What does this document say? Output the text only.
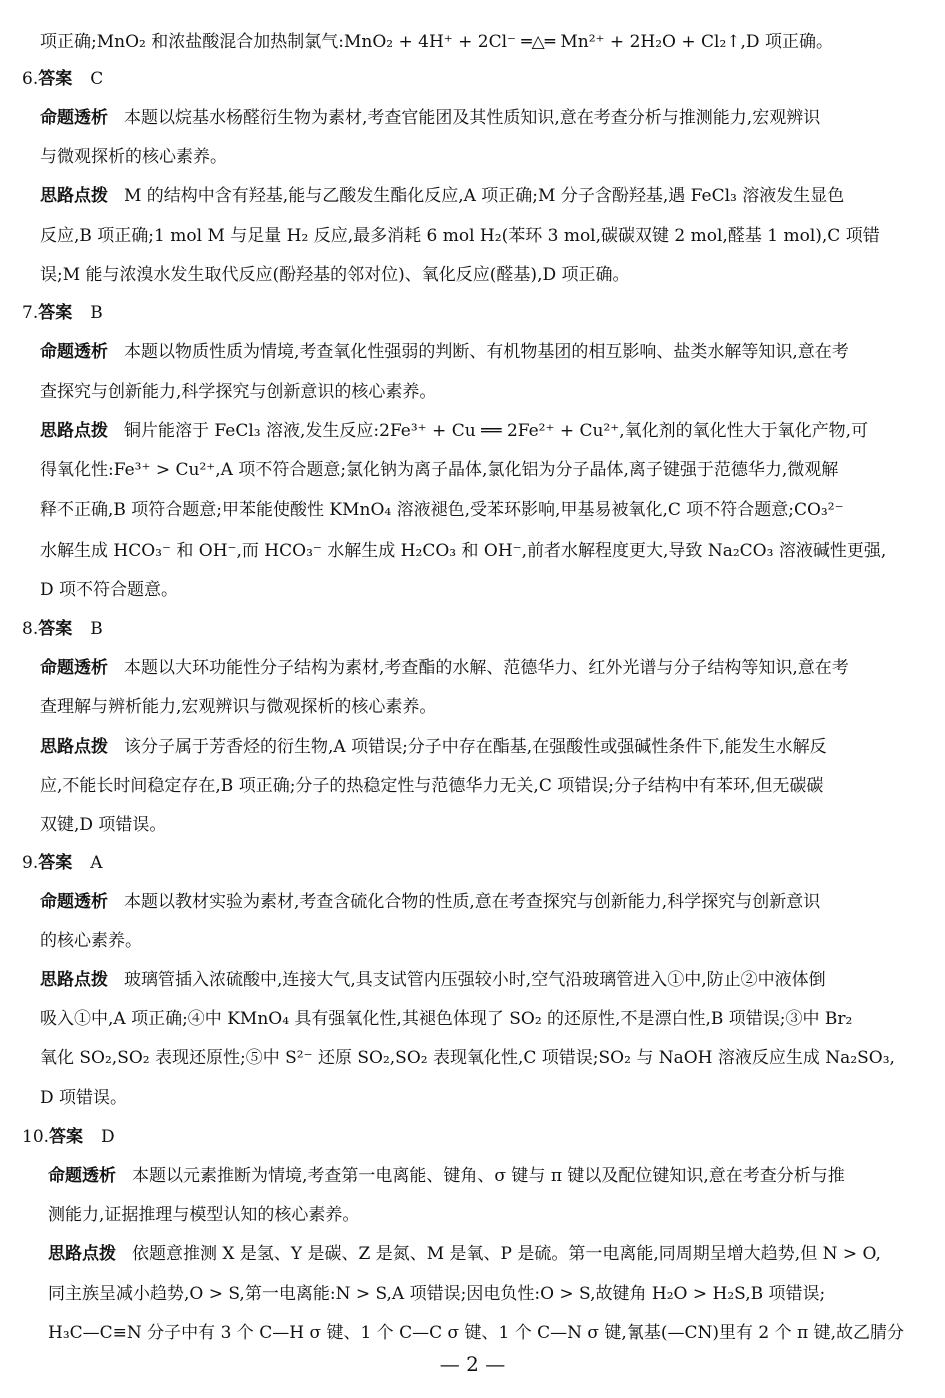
项正确;MnO₂ 和浓盐酸混合加热制氯气:MnO₂ + 4H⁺ + 2Cl⁻ ═△═ Mn²⁺ + 2H₂O + Cl₂↑,D 项正确。
6.答案 C
命题透析 本题以烷基水杨醛衍生物为素材,考查官能团及其性质知识,意在考查分析与推测能力,宏观辨识
与微观探析的核心素养。
思路点拨 M 的结构中含有羟基,能与乙酸发生酯化反应,A 项正确;M 分子含酚羟基,遇 FeCl₃ 溶液发生显色
反应,B 项正确;1 mol M 与足量 H₂ 反应,最多消耗 6 mol H₂(苯环 3 mol,碳碳双键 2 mol,醛基 1 mol),C 项错
误;M 能与浓溴水发生取代反应(酚羟基的邻对位)、氧化反应(醛基),D 项正确。
7.答案 B
命题透析 本题以物质性质为情境,考查氧化性强弱的判断、有机物基团的相互影响、盐类水解等知识,意在考
查探究与创新能力,科学探究与创新意识的核心素养。
思路点拨 铜片能溶于 FeCl₃ 溶液,发生反应:2Fe³⁺ + Cu ══ 2Fe²⁺ + Cu²⁺,氧化剂的氧化性大于氧化产物,可
得氧化性:Fe³⁺ > Cu²⁺,A 项不符合题意;氯化钠为离子晶体,氯化铝为分子晶体,离子键强于范德华力,微观解
释不正确,B 项符合题意;甲苯能使酸性 KMnO₄ 溶液褪色,受苯环影响,甲基易被氧化,C 项不符合题意;CO₃²⁻
水解生成 HCO₃⁻ 和 OH⁻,而 HCO₃⁻ 水解生成 H₂CO₃ 和 OH⁻,前者水解程度更大,导致 Na₂CO₃ 溶液碱性更强,
D 项不符合题意。
8.答案 B
命题透析 本题以大环功能性分子结构为素材,考查酯的水解、范德华力、红外光谱与分子结构等知识,意在考
查理解与辨析能力,宏观辨识与微观探析的核心素养。
思路点拨 该分子属于芳香烃的衍生物,A 项错误;分子中存在酯基,在强酸性或强碱性条件下,能发生水解反
应,不能长时间稳定存在,B 项正确;分子的热稳定性与范德华力无关,C 项错误;分子结构中有苯环,但无碳碳
双键,D 项错误。
9.答案 A
命题透析 本题以教材实验为素材,考查含硫化合物的性质,意在考查探究与创新能力,科学探究与创新意识
的核心素养。
思路点拨 玻璃管插入浓硫酸中,连接大气,具支试管内压强较小时,空气沿玻璃管进入①中,防止②中液体倒
吸入①中,A 项正确;④中 KMnO₄ 具有强氧化性,其褪色体现了 SO₂ 的还原性,不是漂白性,B 项错误;③中 Br₂
氧化 SO₂,SO₂ 表现还原性;⑤中 S²⁻ 还原 SO₂,SO₂ 表现氧化性,C 项错误;SO₂ 与 NaOH 溶液反应生成 Na₂SO₃,
D 项错误。
10.答案 D
命题透析 本题以元素推断为情境,考查第一电离能、键角、σ 键与 π 键以及配位键知识,意在考查分析与推
测能力,证据推理与模型认知的核心素养。
思路点拨 依题意推测 X 是氢、Y 是碳、Z 是氮、M 是氧、P 是硫。第一电离能,同周期呈增大趋势,但 N > O,
同主族呈减小趋势,O > S,第一电离能:N > S,A 项错误;因电负性:O > S,故键角 H₂O > H₂S,B 项错误;
H₃C—C≡N 分子中有 3 个 C—H σ 键、1 个 C—C σ 键、1 个 C—N σ 键,氰基(—CN)里有 2 个 π 键,故乙腈分
— 2 —
